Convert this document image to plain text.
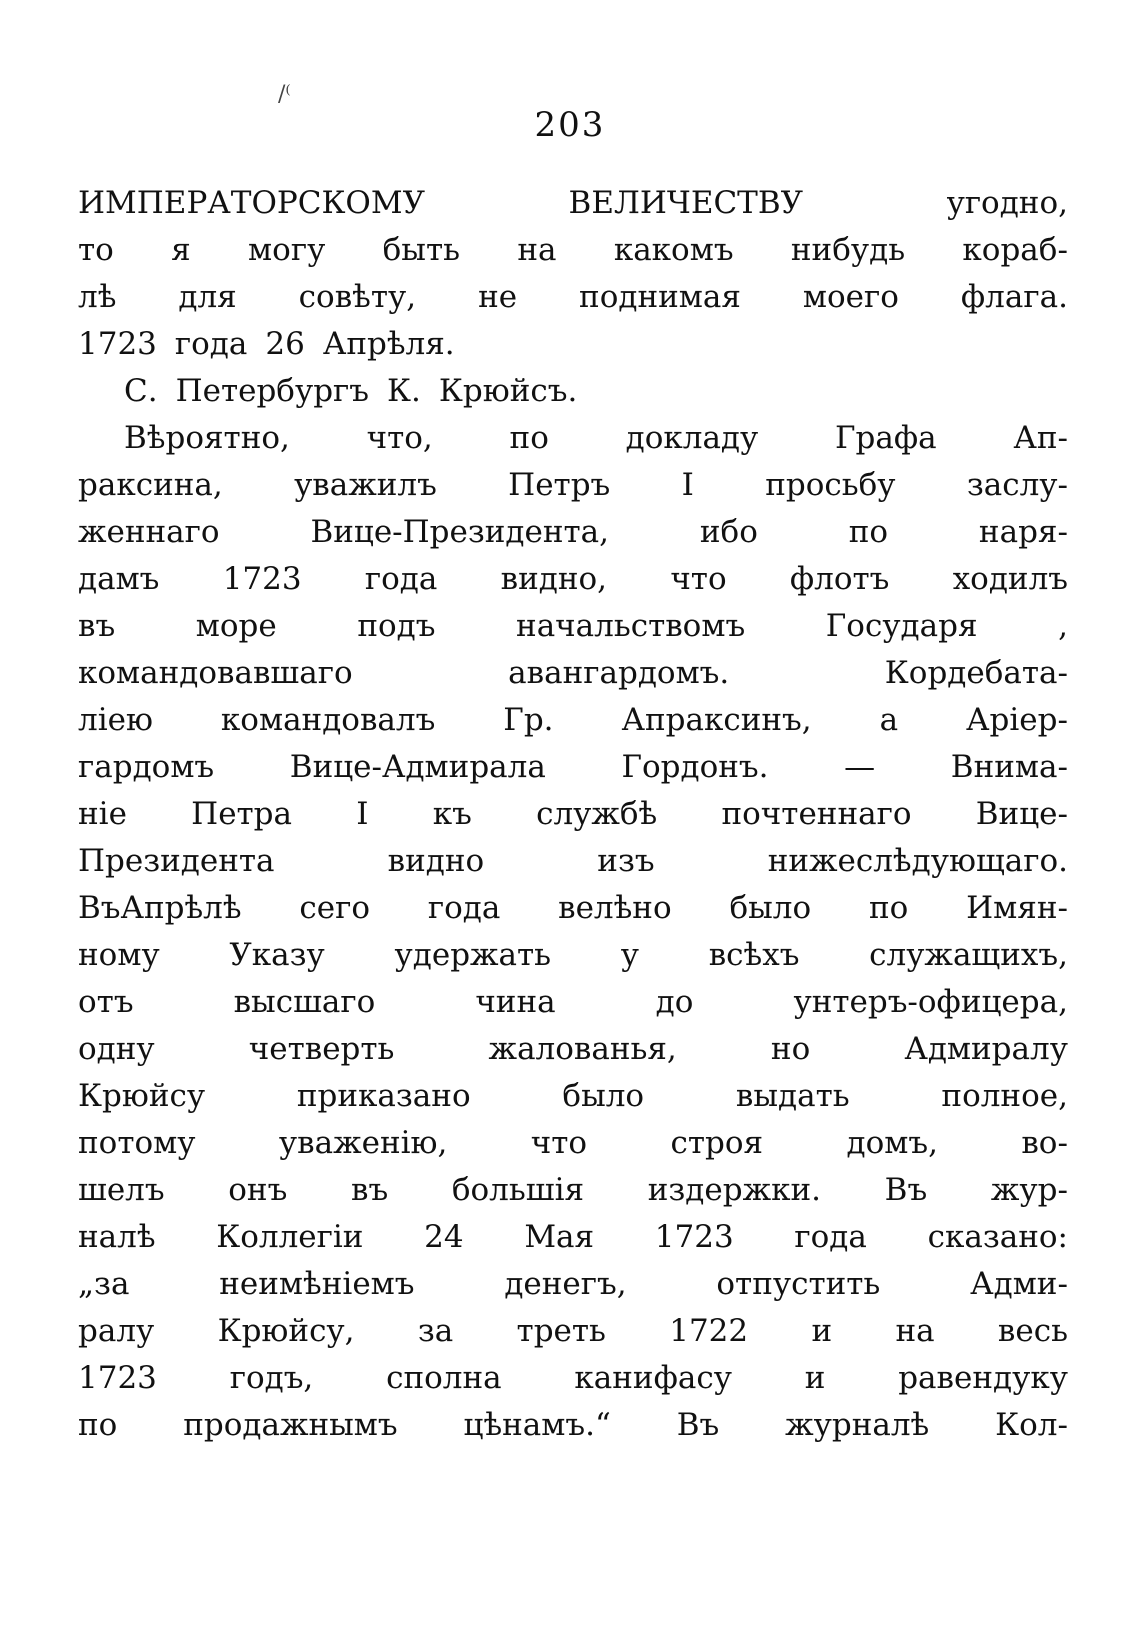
/⁽
203
ИМПЕРАТОРСКОМУ	ВЕЛИЧЕСТВУ	угодно,
то я могу быть на какомъ нибудь кораб-
лѣ для совѣту, не поднимая моего флага.
1723 года 26 Апрѣля.
С. Петербургъ К. Крюйсъ.
Вѣроятно, что, по докладу Графа Ап-
раксина, уважилъ Петръ I просьбу заслу-
женнаго	Вице-Президента,	ибо	по	наря-
дамъ 1723 года видно, что флотъ ходилъ
въ	море	подъ	начальствомъ	Государя	,
командовавшаго	авангардомъ.	Кордебата-
ліею командовалъ Гр. Апраксинъ, а Аріер-
гардомъ Вице-Адмирала Гордонъ. — Внима-
ніе Петра I къ службѣ почтеннаго Вице-
Президента	видно	изъ	нижеслѣдующаго.
ВъАпрѣлѣ сего года велѣно было по Имян-
ному Указу удержать у всѣхъ служащихъ,
отъ	высшаго	чина	до	унтеръ-офицера,
одну	четверть	жалованья,	но	Адмиралу
Крюйсу	приказано	было	выдать	полное,
потому	уваженію,	что	строя	домъ,	во-
шелъ онъ въ большія издержки. Въ жур-
налѣ Коллегіи 24 Мая 1723 года сказано:
„за	неимѣніемъ	денегъ,	отпустить	Адми-
ралу Крюйсу, за треть 1722 и на весь
1723 годъ, сполна канифасу и равендуку
по продажнымъ цѣнамъ.“ Въ журналѣ Кол-
